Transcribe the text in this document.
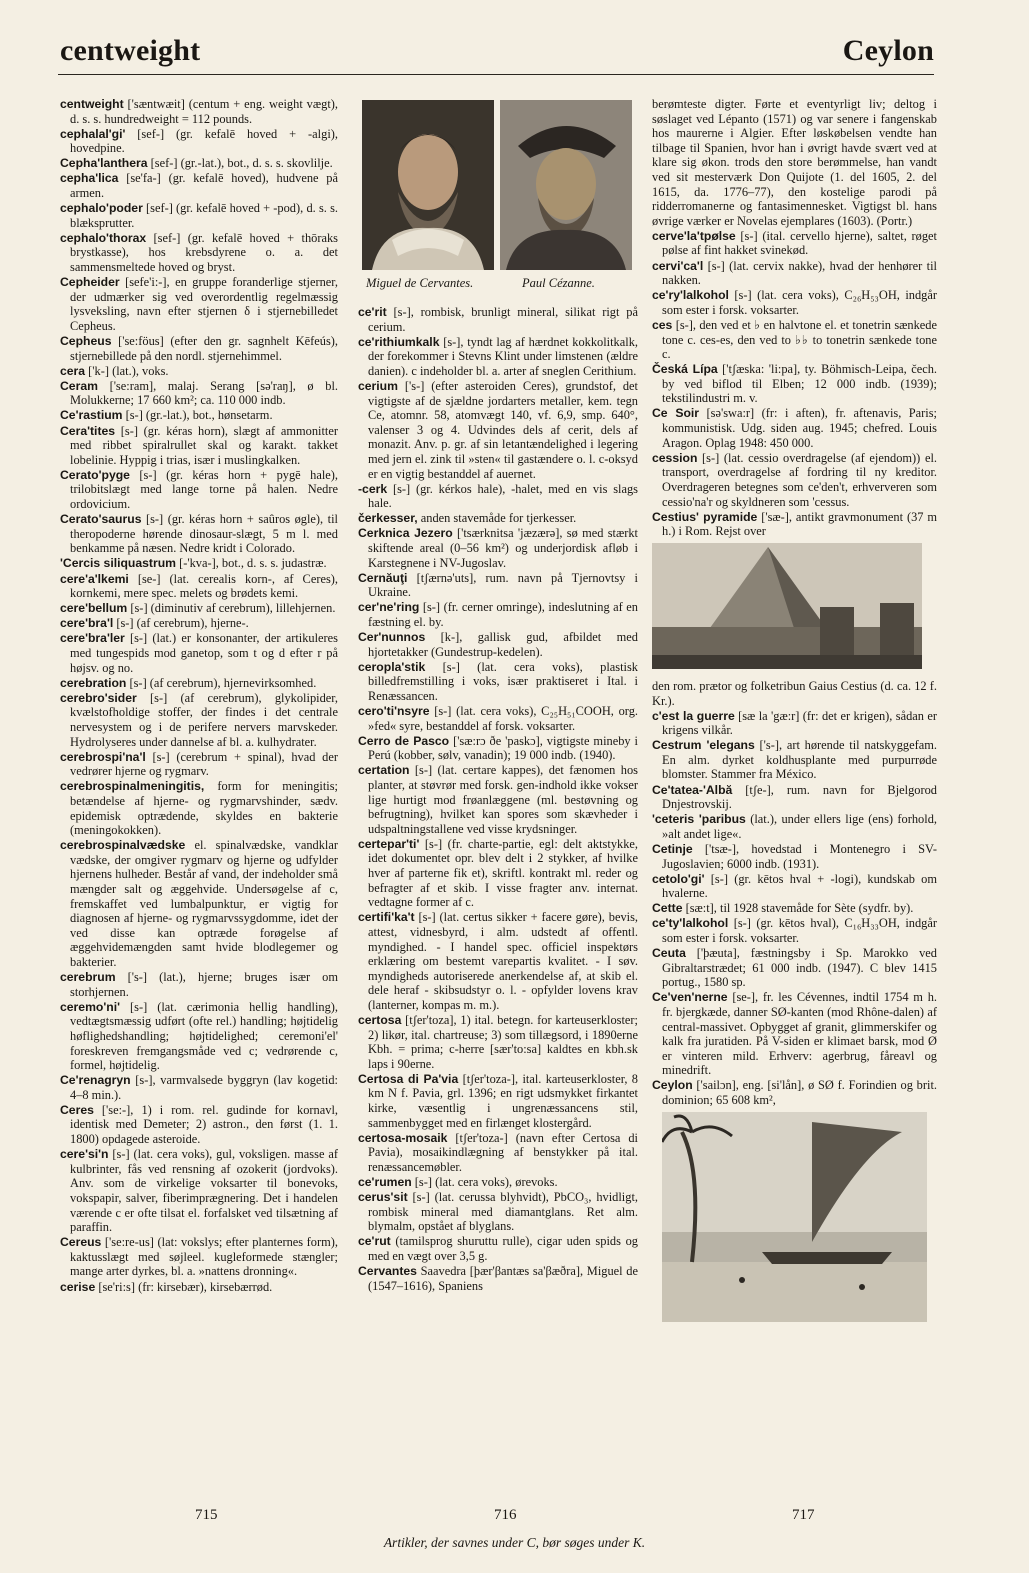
centweight	Ceylon
centweight ['sæntwæit] (centum + eng. weight vægt), d. s. s. hundredweight = 112 pounds.
cephalal'gi' [sef-] (gr. kefalē hoved + -algi), hovedpine.
Cepha'lanthera [sef-] (gr.-lat.), bot., d. s. s. skovlilje.
cepha'lica [se'fa-] (gr. kefalē hoved), hudvene på armen.
cephalo'poder [sef-] (gr. kefalē hoved + -pod), d. s. s. blæksprutter.
cephalo'thorax [sef-] (gr. kefalē hoved + thōraks brystkasse), hos krebsdyrene o. a. det sammensmeltede hoved og bryst.
Cepheider [sefe'i:-], en gruppe foranderlige stjerner, der udmærker sig ved overordentlig regelmæssig lysveksling, navn efter stjernen δ i stjernebilledet Cepheus.
Cepheus ['se:föus] (efter den gr. sagnhelt Kēfeús), stjernebillede på den nordl. stjernehimmel.
cera ['k-] (lat.), voks.
Ceram ['se:ram], malaj. Serang [sə'raŋ], ø bl. Molukkerne; 17 660 km²; ca. 110 000 indb.
Ce'rastium [s-] (gr.-lat.), bot., hønsetarm.
Cera'tites [s-] (gr. kéras horn), slægt af ammonitter med ribbet spiralrullet skal og karakt. takket lobelinie. Hyppig i trias, især i muslingkalken.
Cerato'pyge [s-] (gr. kéras horn + pygē hale), trilobitslægt med lange torne på halen. Nedre ordovicium.
Cerato'saurus [s-] (gr. kéras horn + saûros øgle), til theropoderne hørende dinosaur-slægt, 5 m l. med benkamme på næsen. Nedre kridt i Colorado.
'Cercis siliquastrum [-'kva-], bot., d. s. s. judastræ.
cere'a'lkemi [se-] (lat. cerealis korn-, af Ceres), kornkemi, mere spec. melets og brødets kemi.
cere'bellum [s-] (diminutiv af cerebrum), lillehjernen.
cere'bra'l [s-] (af cerebrum), hjerne-.
cere'bra'ler [s-] (lat.) er konsonanter, der artikuleres med tungespids mod ganetop, som t og d efter r på højsv. og no.
cerebration [s-] (af cerebrum), hjernevirksomhed.
cerebro'sider [s-] (af cerebrum), glykolipider, kvælstofholdige stoffer, der findes i det centrale nervesystem og i de perifere nervers marvskeder. Hydrolyseres under dannelse af bl. a. kulhydrater.
cerebrospi'na'l [s-] (cerebrum + spinal), hvad der vedrører hjerne og rygmarv.
cerebrospinalmeningitis, form for meningitis; betændelse af hjerne- og rygmarvshinder, sædv. epidemisk optrædende, skyldes en bakterie (meningokokken).
cerebrospinalvædske el. spinalvædske, vandklar vædske, der omgiver rygmarv og hjerne og udfylder hjernens hulheder. Består af vand, der indeholder små mængder salt og æggehvide. Undersøgelse af c, fremskaffet ved lumbalpunktur, er vigtig for diagnosen af hjerne- og rygmarvssygdomme, idet der ved disse kan optræde forøgelse af æggehvidemængden samt hvide blodlegemer og bakterier.
cerebrum ['s-] (lat.), hjerne; bruges især om storhjernen.
ceremo'ni' [s-] (lat. cærimonia hellig handling), vedtægtsmæssig udført (ofte rel.) handling; højtidelig høflighedshandling; højtidelighed; ceremoni'el' foreskreven fremgangsmåde ved c; vedrørende c, formel, højtidelig.
Ce'renagryn [s-], varmvalsede byggryn (lav kogetid: 4–8 min.).
Ceres ['se:-], 1) i rom. rel. gudinde for kornavl, identisk med Demeter; 2) astron., den først (1. 1. 1800) opdagede asteroide.
cere'si'n [s-] (lat. cera voks), gul, voksligen. masse af kulbrinter, fås ved rensning af ozokerit (jordvoks). Anv. som de virkelige voksarter til bonevoks, vokspapir, salver, fiberimprægnering. Det i handelen værende c er ofte tilsat el. forfalsket ved tilsætning af paraffin.
Cereus ['se:re-us] (lat: vokslys; efter planternes form), kaktusslægt med søjleel. kugleformede stængler; mange arter dyrkes, bl. a. »nattens dronning«.
cerise [se'ri:s] (fr: kirsebær), kirsebærrød.
Miguel de Cervantes.	Paul Cézanne.
ce'rit [s-], rombisk, brunligt mineral, silikat rigt på cerium.
ce'rithiumkalk [s-], tyndt lag af hærdnet kokkolitkalk, der forekommer i Stevns Klint under limstenen (ældre danien). c indeholder bl. a. arter af sneglen Cerithium.
cerium ['s-] (efter asteroiden Ceres), grundstof, det vigtigste af de sjældne jordarters metaller, kem. tegn Ce, atomnr. 58, atomvægt 140, vf. 6,9, smp. 640°, valenser 3 og 4. Udvindes dels af cerit, dels af monazit. Anv. p. gr. af sin letantændelighed i legering med jern el. zink til »sten« til gastændere o. l. c-oksyd er en vigtig bestanddel af auernet.
-cerk [s-] (gr. kérkos hale), -halet, med en vis slags hale.
čerkesser, anden stavemåde for tjerkesser.
Cerknica Jezero ['tsærknitsa 'jæzærə], sø med stærkt skiftende areal (0–56 km²) og underjordisk afløb i Karstegnene i NV-Jugoslav.
Cernăuţi [tʃærnə'uts], rum. navn på Tjernovtsy i Ukraine.
cer'ne'ring [s-] (fr. cerner omringe), indeslutning af en fæstning el. by.
Cer'nunnos [k-], gallisk gud, afbildet med hjortetakker (Gundestrup-kedelen).
ceropla'stik [s-] (lat. cera voks), plastisk billedfremstilling i voks, især praktiseret i Ital. i Renæssancen.
cero'ti'nsyre [s-] (lat. cera voks), C₂₅H₅₁COOH, org. »fed« syre, bestanddel af forsk. voksarter.
Cerro de Pasco ['sæ:rɔ ðe 'paskɔ], vigtigste mineby i Perú (kobber, sølv, vanadin); 19 000 indb. (1940).
certation [s-] (lat. certare kappes), det fænomen hos planter, at støvrør med forsk. gen-indhold ikke vokser lige hurtigt mod frøanlæggene (ml. bestøvning og befrugtning), hvilket kan spores som skævheder i udspaltningstallene ved visse krydsninger.
certepar'ti' [s-] (fr. charte-partie, egl: delt aktstykke, idet dokumentet opr. blev delt i 2 stykker, af hvilke hver af parterne fik et), skriftl. kontrakt ml. reder og befragter af et skib. I visse fragter anv. internat. vedtagne former af c.
certifi'ka't [s-] (lat. certus sikker + facere gøre), bevis, attest, vidnesbyrd, i alm. udstedt af offentl. myndighed. - I handel spec. officiel inspektørs erklæring om bestemt varepartis kvalitet. - I søv. myndigheds autoriserede anerkendelse af, at skib el. dele heraf - skibsudstyr o. l. - opfylder lovens krav (lanterner, kompas m. m.).
certosa [tʃer'toza], 1) ital. betegn. for karteuserkloster; 2) likør, ital. chartreuse; 3) som tillægsord, i 1890erne Kbh. = prima; c-herre [sær'to:sa] kaldtes en kbh.sk laps i 90erne.
Certosa di Pa'via [tʃer'toza-], ital. karteuserkloster, 8 km N f. Pavia, grl. 1396; en rigt udsmykket firkantet kirke, væsentlig i ungrenæssancens stil, sammenbygget med en firlænget klostergård.
certosa-mosaik [tʃer'toza-] (navn efter Certosa di Pavia), mosaikindlægning af benstykker på ital. renæssancemøbler.
ce'rumen [s-] (lat. cera voks), ørevoks.
cerus'sit [s-] (lat. cerussa blyhvidt), PbCO₃, hvidligt, rombisk mineral med diamantglans. Ret alm. blymalm, opstået af blyglans.
ce'rut (tamilsprog shuruttu rulle), cigar uden spids og med en vægt over 3,5 g.
Cervantes Saavedra [þær'βantæs sa'βæðra], Miguel de (1547–1616), Spaniens
berømteste digter. Førte et eventyrligt liv; deltog i søslaget ved Lépanto (1571) og var senere i fangenskab hos maurerne i Algier. Efter løskøbelsen vendte han tilbage til Spanien, hvor han i øvrigt havde svært ved at klare sig økon. trods den store berømmelse, han vandt ved sit mesterværk Don Quijote (1. del 1605, 2. del 1615, da. 1776–77), den kostelige parodi på ridderromanerne og fantasimennesket. Vigtigst bl. hans øvrige værker er Novelas ejemplares (1603). (Portr.)
cerve'la'tpølse [s-] (ital. cervello hjerne), saltet, røget pølse af fint hakket svinekød.
cervi'ca'l [s-] (lat. cervix nakke), hvad der henhører til nakken.
ce'ry'lalkohol [s-] (lat. cera voks), C₂₆H₅₃OH, indgår som ester i forsk. voksarter.
ces [s-], den ved et ♭ en halvtone el. et tonetrin sænkede tone c. ces-es, den ved to ♭♭ to tonetrin sænkede tone c.
Česká Lípa ['tʃæska: 'li:pa], ty. Böhmisch-Leipa, čech. by ved biflod til Elben; 12 000 indb. (1939); tekstilindustri m. v.
Ce Soir [sə'swa:r] (fr: i aften), fr. aftenavis, Paris; kommunistisk. Udg. siden aug. 1945; chefred. Louis Aragon. Oplag 1948: 450 000.
cession [s-] (lat. cessio overdragelse (af ejendom)) el. transport, overdragelse af fordring til ny kreditor. Overdrageren betegnes som ce'den't, erhververen som cessio'na'r og skyldneren som 'cessus.
Cestius' pyramide ['sæ-], antikt gravmonument (37 m h.) i Rom. Rejst over
den rom. prætor og folketribun Gaius Cestius (d. ca. 12 f. Kr.).
c'est la guerre [sæ la 'gæ:r] (fr: det er krigen), sådan er krigens vilkår.
Cestrum 'elegans ['s-], art hørende til natskyggefam. En alm. dyrket koldhusplante med purpurrøde blomster. Stammer fra México.
Ce'tatea-'Albă [tʃe-], rum. navn for Bjelgorod Dnjestrovskij.
'ceteris 'paribus (lat.), under ellers lige (ens) forhold, »alt andet lige«.
Cetinje ['tsæ-], hovedstad i Montenegro i SV-Jugoslavien; 6000 indb. (1931).
cetolo'gi' [s-] (gr. kētos hval + -logi), kundskab om hvalerne.
Cette [sæ:t], til 1928 stavemåde for Sète (sydfr. by).
ce'ty'lalkohol [s-] (gr. kētos hval), C₁₆H₃₃OH, indgår som ester i forsk. voksarter.
Ceuta ['þæuta], fæstningsby i Sp. Marokko ved Gibraltarstrædet; 61 000 indb. (1947). C blev 1415 portug., 1580 sp.
Ce'ven'nerne [se-], fr. les Cévennes, indtil 1754 m h. fr. bjergkæde, danner SØ-kanten (mod Rhône-dalen) af central-massivet. Opbygget af granit, glimmerskifer og kalk fra juratiden. På V-siden er klimaet barsk, mod Ø er vinteren mild. Erhverv: agerbrug, fåreavl og minedrift.
Ceylon ['sailɔn], eng. [si'lån], ø SØ f. Forindien og brit. dominion; 65 608 km²,
715	716	717
Artikler, der savnes under C, bør søges under K.
